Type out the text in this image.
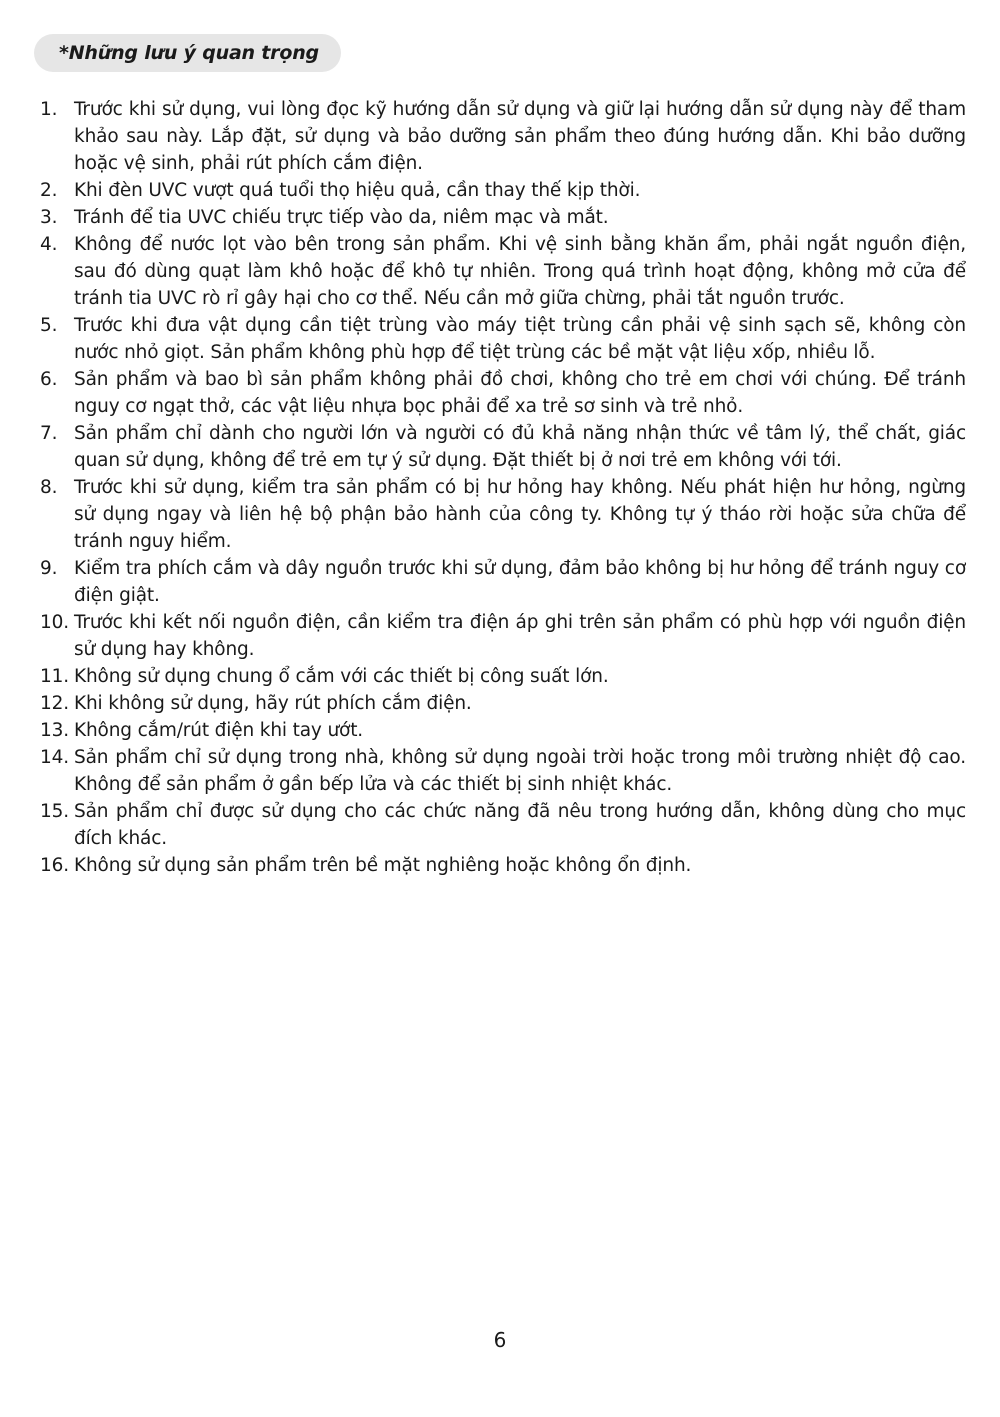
*Những lưu ý quan trọng
1. Trước khi sử dụng, vui lòng đọc kỹ hướng dẫn sử dụng và giữ lại hướng dẫn sử dụng này để tham khảo sau này. Lắp đặt, sử dụng và bảo dưỡng sản phẩm theo đúng hướng dẫn. Khi bảo dưỡng hoặc vệ sinh, phải rút phích cắm điện.
2. Khi đèn UVC vượt quá tuổi thọ hiệu quả, cần thay thế kịp thời.
3. Tránh để tia UVC chiếu trực tiếp vào da, niêm mạc và mắt.
4. Không để nước lọt vào bên trong sản phẩm. Khi vệ sinh bằng khăn ẩm, phải ngắt nguồn điện, sau đó dùng quạt làm khô hoặc để khô tự nhiên. Trong quá trình hoạt động, không mở cửa để tránh tia UVC rò rỉ gây hại cho cơ thể. Nếu cần mở giữa chừng, phải tắt nguồn trước.
5. Trước khi đưa vật dụng cần tiệt trùng vào máy tiệt trùng cần phải vệ sinh sạch sẽ, không còn nước nhỏ giọt. Sản phẩm không phù hợp để tiệt trùng các bề mặt vật liệu xốp, nhiều lỗ.
6. Sản phẩm và bao bì sản phẩm không phải đồ chơi, không cho trẻ em chơi với chúng. Để tránh nguy cơ ngạt thở, các vật liệu nhựa bọc phải để xa trẻ sơ sinh và trẻ nhỏ.
7. Sản phẩm chỉ dành cho người lớn và người có đủ khả năng nhận thức về tâm lý, thể chất, giác quan sử dụng, không để trẻ em tự ý sử dụng. Đặt thiết bị ở nơi trẻ em không với tới.
8. Trước khi sử dụng, kiểm tra sản phẩm có bị hư hỏng hay không. Nếu phát hiện hư hỏng, ngừng sử dụng ngay và liên hệ bộ phận bảo hành của công ty. Không tự ý tháo rời hoặc sửa chữa để tránh nguy hiểm.
9. Kiểm tra phích cắm và dây nguồn trước khi sử dụng, đảm bảo không bị hư hỏng để tránh nguy cơ điện giật.
10. Trước khi kết nối nguồn điện, cần kiểm tra điện áp ghi trên sản phẩm có phù hợp với nguồn điện sử dụng hay không.
11. Không sử dụng chung ổ cắm với các thiết bị công suất lớn.
12. Khi không sử dụng, hãy rút phích cắm điện.
13. Không cắm/rút điện khi tay ướt.
14. Sản phẩm chỉ sử dụng trong nhà, không sử dụng ngoài trời hoặc trong môi trường nhiệt độ cao. Không để sản phẩm ở gần bếp lửa và các thiết bị sinh nhiệt khác.
15. Sản phẩm chỉ được sử dụng cho các chức năng đã nêu trong hướng dẫn, không dùng cho mục đích khác.
16. Không sử dụng sản phẩm trên bề mặt nghiêng hoặc không ổn định.
6
